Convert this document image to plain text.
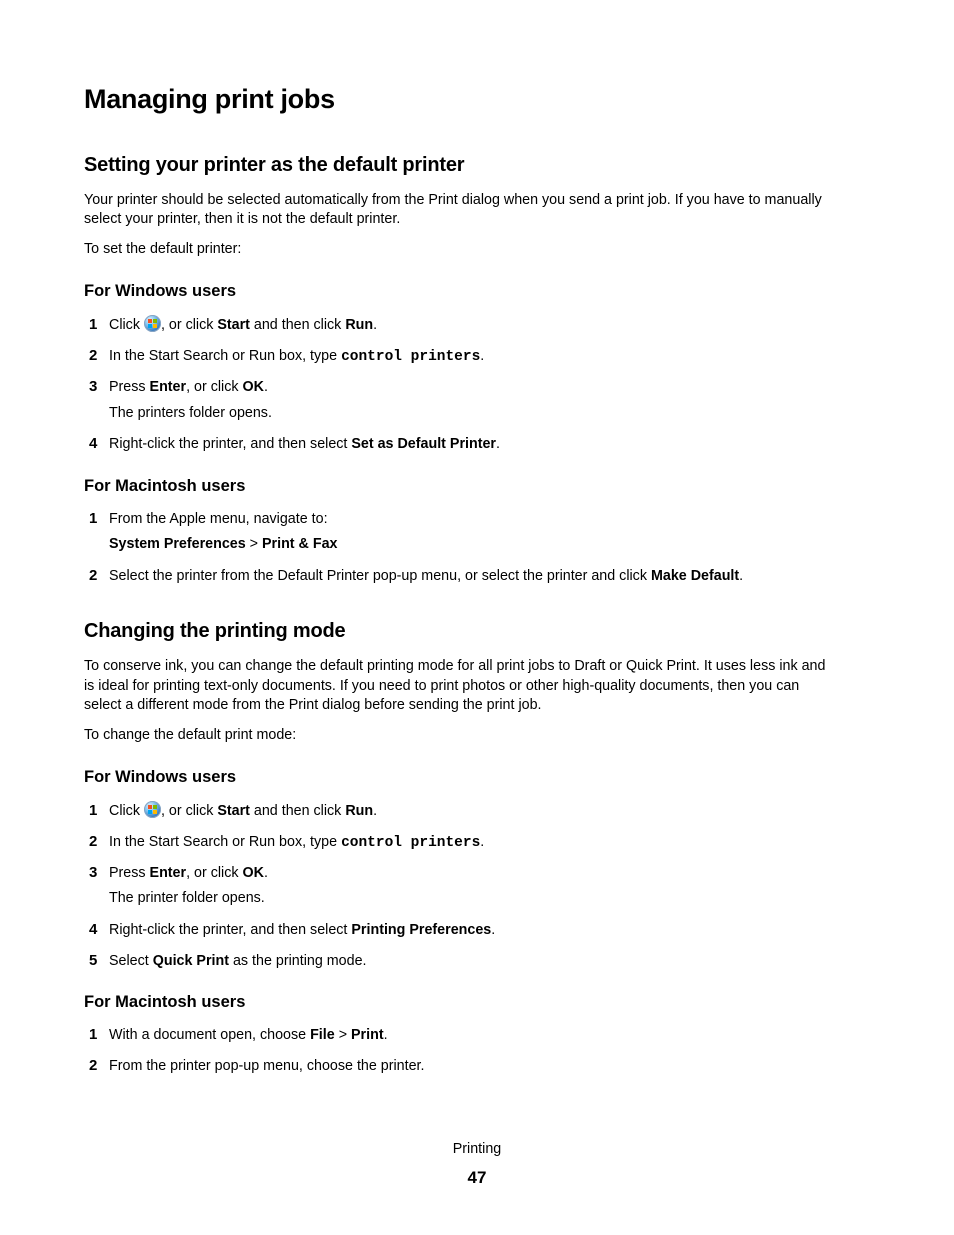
Managing print jobs
Setting your printer as the default printer
Your printer should be selected automatically from the Print dialog when you send a print job. If you have to manually
select your printer, then it is not the default printer.
To set the default printer:
For Windows users
1 Click , or click Start and then click Run.
2 In the Start Search or Run box, type control printers.
3 Press Enter, or click OK.
The printers folder opens.
4 Right-click the printer, and then select Set as Default Printer.
For Macintosh users
1 From the Apple menu, navigate to:
System Preferences > Print & Fax
2 Select the printer from the Default Printer pop-up menu, or select the printer and click Make Default.
Changing the printing mode
To conserve ink, you can change the default printing mode for all print jobs to Draft or Quick Print. It uses less ink and
is ideal for printing text-only documents. If you need to print photos or other high-quality documents, then you can
select a different mode from the Print dialog before sending the print job.
To change the default print mode:
For Windows users
1 Click , or click Start and then click Run.
2 In the Start Search or Run box, type control printers.
3 Press Enter, or click OK.
The printer folder opens.
4 Right-click the printer, and then select Printing Preferences.
5 Select Quick Print as the printing mode.
For Macintosh users
1 With a document open, choose File > Print.
2 From the printer pop-up menu, choose the printer.
Printing
47
